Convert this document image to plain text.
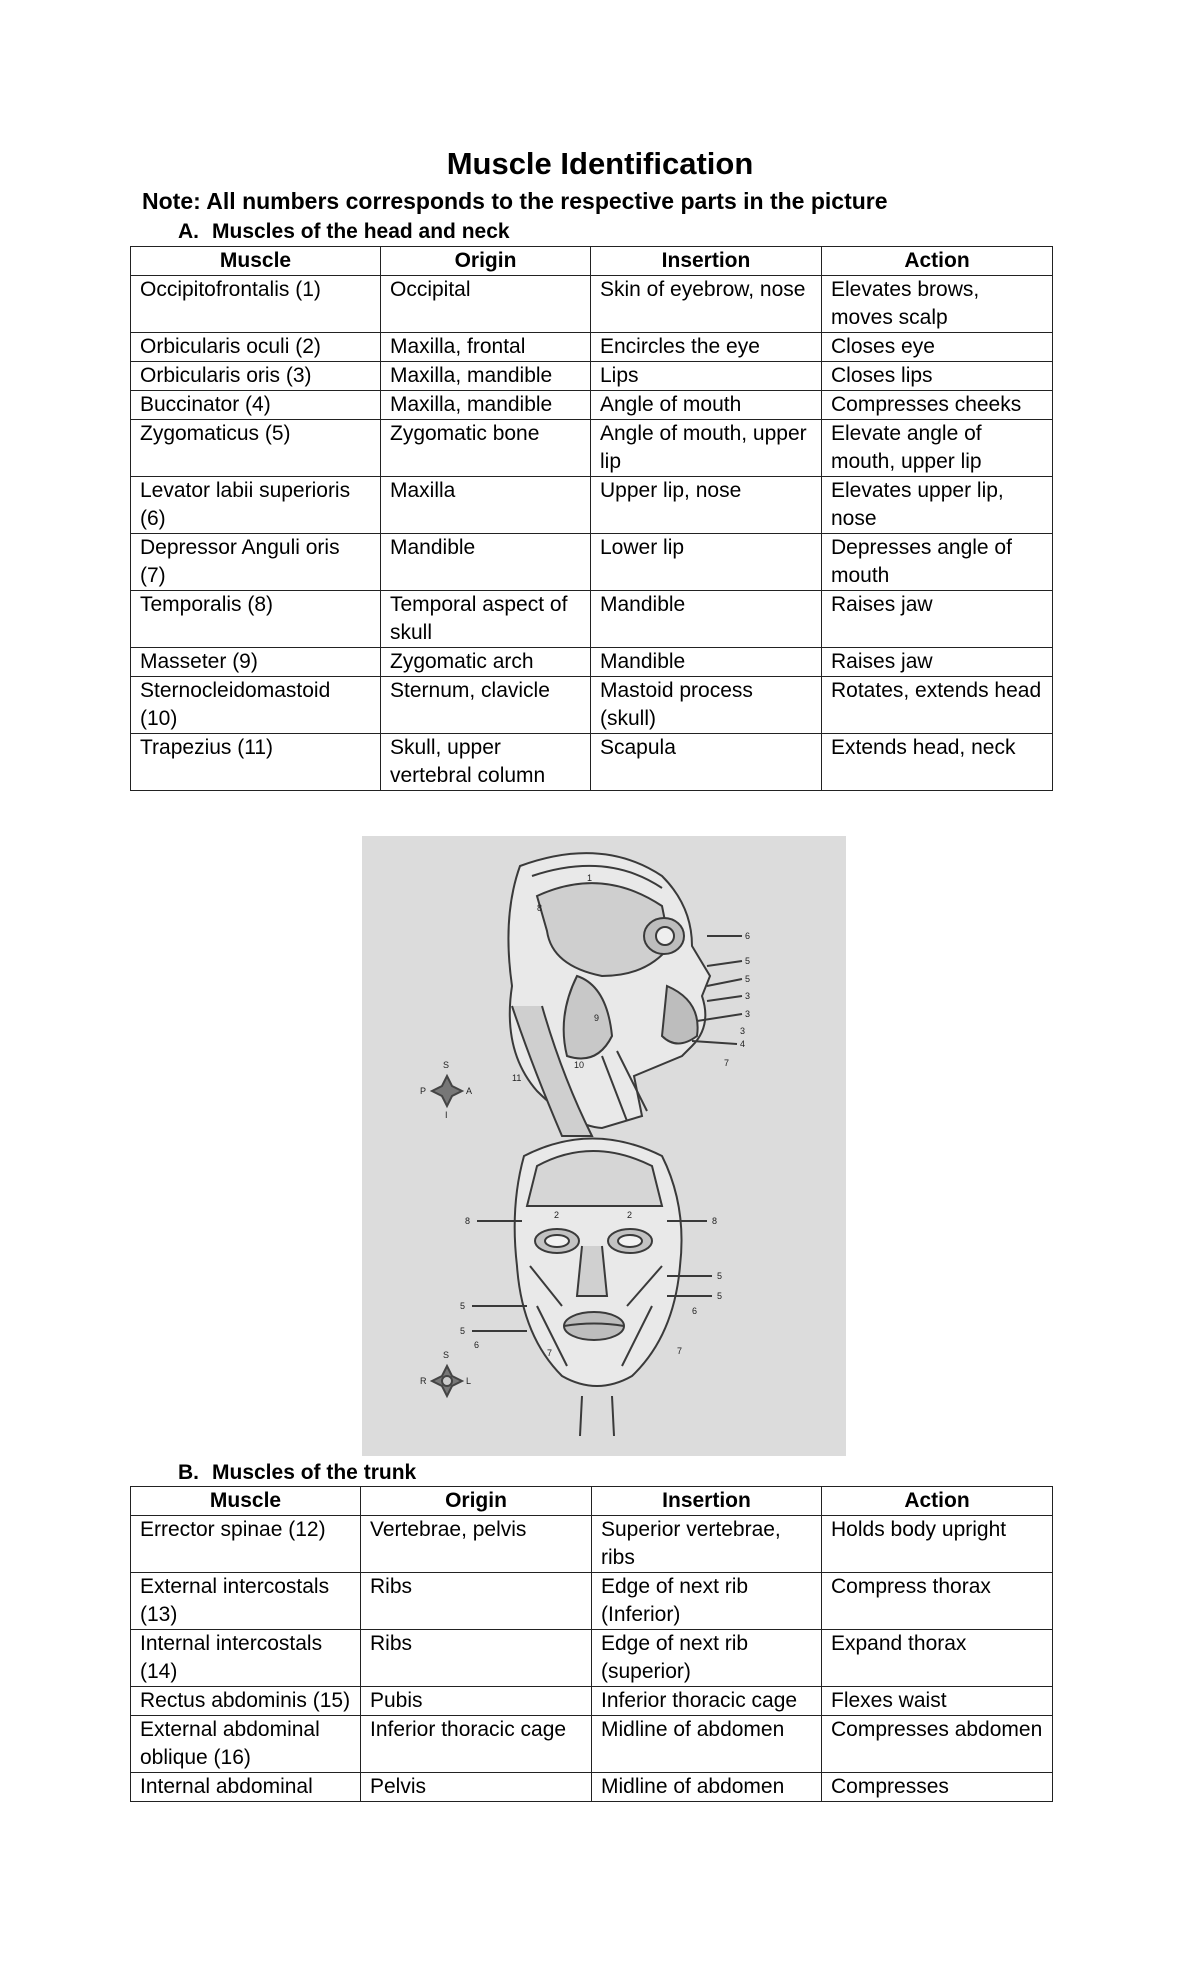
Muscle Identification
Note: All numbers corresponds to the respective parts in the picture
A. Muscles of the head and neck
Muscle	Origin	Insertion	Action
Occipitofrontalis (1)	Occipital	Skin of eyebrow, nose	Elevates brows, moves scalp
Orbicularis oculi (2)	Maxilla, frontal	Encircles the eye	Closes eye
Orbicularis oris (3)	Maxilla, mandible	Lips	Closes lips
Buccinator (4)	Maxilla, mandible	Angle of mouth	Compresses cheeks
Zygomaticus (5)	Zygomatic bone	Angle of mouth, upper lip	Elevate angle of mouth, upper lip
Levator labii superioris (6)	Maxilla	Upper lip, nose	Elevates upper lip, nose
Depressor Anguli oris (7)	Mandible	Lower lip	Depresses angle of mouth
Temporalis (8)	Temporal aspect of skull	Mandible	Raises jaw
Masseter (9)	Zygomatic arch	Mandible	Raises jaw
Sternocleidomastoid (10)	Sternum, clavicle	Mastoid process (skull)	Rotates, extends head
Trapezius (11)	Skull, upper vertebral column	Scapula	Extends head, neck
1
8
6
5
5
3
3
3
4
7
9
10
11
S
P	A
I
8	8
2	2
5
5
6
5
5
6
7	7
S
R	L
B. Muscles of the trunk
Muscle	Origin	Insertion	Action
Errector spinae (12)	Vertebrae, pelvis	Superior vertebrae, ribs	Holds body upright
External intercostals (13)	Ribs	Edge of next rib (Inferior)	Compress thorax
Internal intercostals (14)	Ribs	Edge of next rib (superior)	Expand thorax
Rectus abdominis (15)	Pubis	Inferior thoracic cage	Flexes waist
External abdominal oblique (16)	Inferior thoracic cage	Midline of abdomen	Compresses abdomen
Internal abdominal	Pelvis	Midline of abdomen	Compresses
